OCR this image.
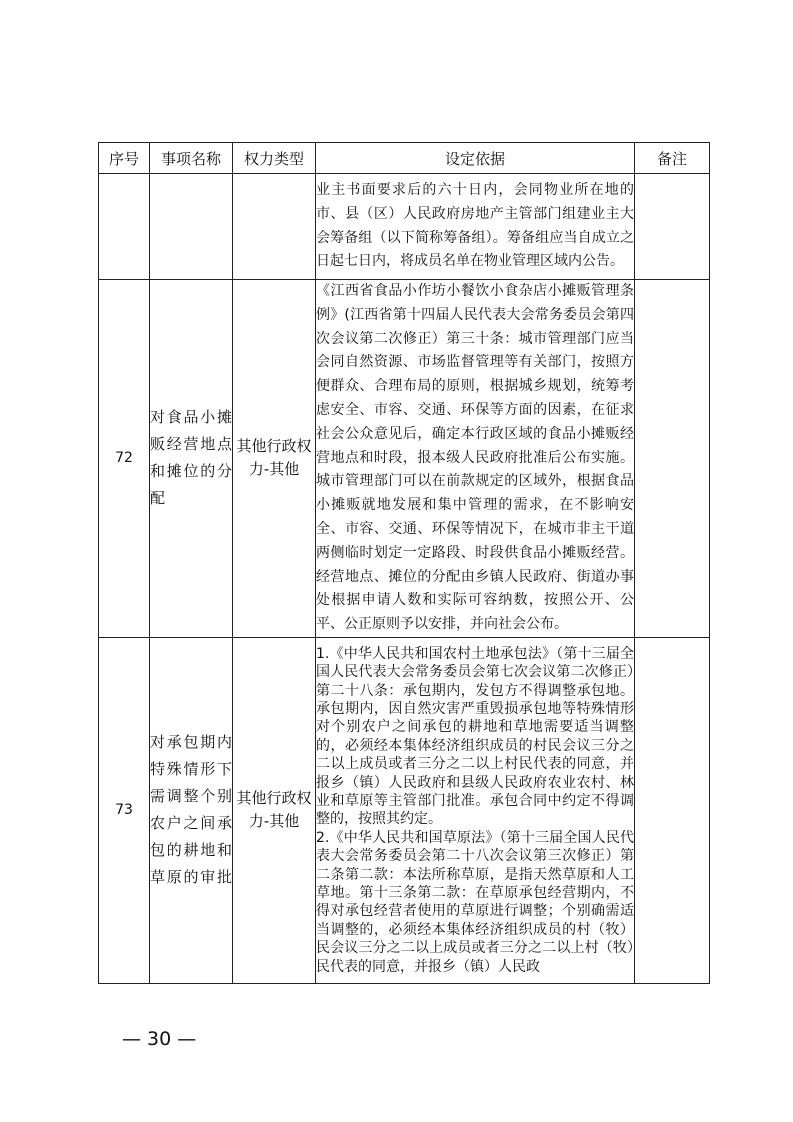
序号	事项名称	权力类型	设定依据	备注
			业主书面要求后的六十日内，会同物业所在地的市、县（区）人民政府房地产主管部门组建业主大会筹备组（以下简称筹备组）。筹备组应当自成立之日起七日内，将成员名单在物业管理区域内公告。	
72	对食品小摊贩经营地点和摊位的分配	其他行政权力-其他	《江西省食品小作坊小餐饮小食杂店小摊贩管理条例》(江西省第十四届人民代表大会常务委员会第四次会议第二次修正）第三十条：城市管理部门应当会同自然资源、市场监督管理等有关部门，按照方便群众、合理布局的原则，根据城乡规划，统筹考虑安全、市容、交通、环保等方面的因素，在征求社会公众意见后，确定本行政区域的食品小摊贩经营地点和时段，报本级人民政府批准后公布实施。城市管理部门可以在前款规定的区域外，根据食品小摊贩就地发展和集中管理的需求，在不影响安全、市容、交通、环保等情况下，在城市非主干道两侧临时划定一定路段、时段供食品小摊贩经营。经营地点、摊位的分配由乡镇人民政府、街道办事处根据申请人数和实际可容纳数，按照公开、公平、公正原则予以安排，并向社会公布。	
73	对承包期内特殊情形下需调整个别农户之间承包的耕地和草原的审批	其他行政权力-其他	1.《中华人民共和国农村土地承包法》（第十三届全国人民代表大会常务委员会第七次会议第二次修正）第二十八条：承包期内，发包方不得调整承包地。承包期内，因自然灾害严重毁损承包地等特殊情形对个别农户之间承包的耕地和草地需要适当调整的，必须经本集体经济组织成员的村民会议三分之二以上成员或者三分之二以上村民代表的同意，并报乡（镇）人民政府和县级人民政府农业农村、林业和草原等主管部门批准。承包合同中约定不得调整的，按照其约定。

2.《中华人民共和国草原法》（第十三届全国人民代表大会常务委员会第二十八次会议第三次修正）第二条第二款：本法所称草原，是指天然草原和人工草地。第十三条第二款：在草原承包经营期内，不得对承包经营者使用的草原进行调整；个别确需适当调整的，必须经本集体经济组织成员的村（牧）民会议三分之二以上成员或者三分之二以上村（牧）民代表的同意，并报乡（镇）人民政	

— 30 —
